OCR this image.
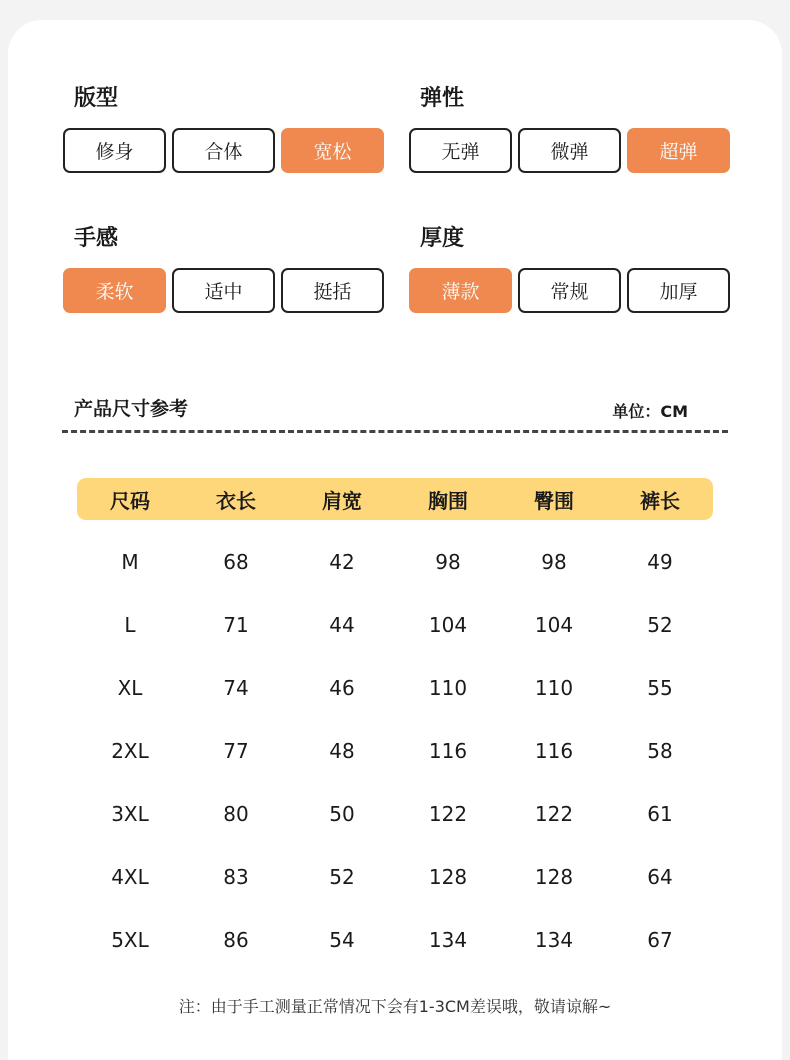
版型
修身	合体	宽松
弹性
无弹	微弹	超弹
手感
柔软	适中	挺括
厚度
薄款	常规	加厚
产品尺寸参考	单位：CM
尺码	衣长	肩宽	胸围	臀围	裤长
M	68	42	98	98	49
L	71	44	104	104	52
XL	74	46	110	110	55
2XL	77	48	116	116	58
3XL	80	50	122	122	61
4XL	83	52	128	128	64
5XL	86	54	134	134	67
注：由于手工测量正常情况下会有1-3CM差误哦，敬请谅解~
